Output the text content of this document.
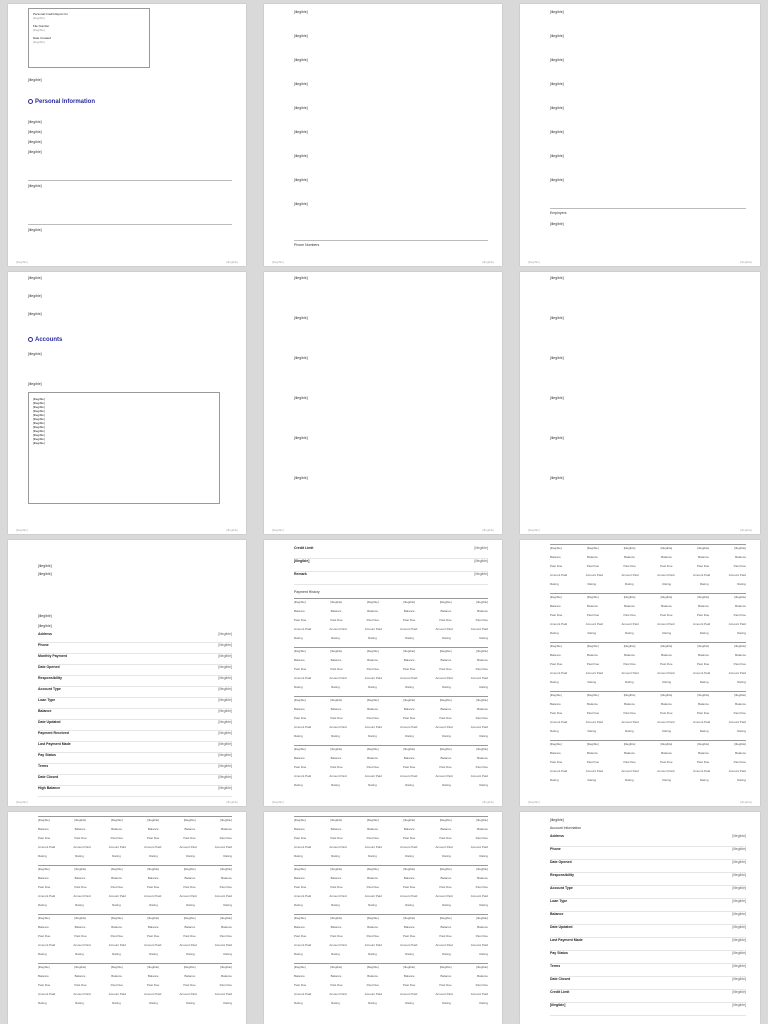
Personal Credit Report for
[illegible]
File Number
[illegible]
Date Created
[illegible]
[illegible]
Personal Information
[illegible]
[illegible]
[illegible]
[illegible]
[illegible]
[illegible]
[illegible]	[illegible]
[illegible]
[illegible]
[illegible]
[illegible]
[illegible]
[illegible]
[illegible]
[illegible]
[illegible]
Phone Numbers
[illegible]	[illegible]
[illegible]
[illegible]
[illegible]
[illegible]
[illegible]
[illegible]
[illegible]
[illegible]
Employers
[illegible]
[illegible]	[illegible]
[illegible]
[illegible]
[illegible]
Accounts
[illegible]
[illegible]
[illegible]
[illegible]
[illegible]
[illegible]
[illegible]
[illegible]
[illegible]
[illegible]
[illegible]
[illegible]
[illegible]
[illegible]
[illegible]	[illegible]
[illegible]
[illegible]
[illegible]
[illegible]
[illegible]
[illegible]
[illegible]	[illegible]
[illegible]
[illegible]
[illegible]
[illegible]
[illegible]
[illegible]
[illegible]	[illegible]
[illegible]
[illegible]
[illegible]
[illegible]
Address	[illegible]
Phone	[illegible]
Monthly Payment	[illegible]
Date Opened	[illegible]
Responsibility	[illegible]
Account Type	[illegible]
Loan Type	[illegible]
Balance	[illegible]
Date Updated	[illegible]
Payment Received	[illegible]
Last Payment Made	[illegible]
Pay Status	[illegible]
Terms	[illegible]
Date Closed	[illegible]
High Balance	[illegible]
[illegible]	[illegible]
Credit Limit	[illegible]
[illegible]	[illegible]
Remark	[illegible]
Payment History
[illegible]	[illegible]	[illegible]	[illegible]	[illegible]	[illegible]
Balance	Balance	Balance	Balance	Balance	Balance
Past Due	Past Due	Past Due	Past Due	Past Due	Past Due
Amount Paid	Amount Paid	Amount Paid	Amount Paid	Amount Paid	Amount Paid
Rating	Rating	Rating	Rating	Rating	Rating
[illegible]	[illegible]	[illegible]	[illegible]	[illegible]	[illegible]
Balance	Balance	Balance	Balance	Balance	Balance
Past Due	Past Due	Past Due	Past Due	Past Due	Past Due
Amount Paid	Amount Paid	Amount Paid	Amount Paid	Amount Paid	Amount Paid
Rating	Rating	Rating	Rating	Rating	Rating
[illegible]	[illegible]	[illegible]	[illegible]	[illegible]	[illegible]
Balance	Balance	Balance	Balance	Balance	Balance
Past Due	Past Due	Past Due	Past Due	Past Due	Past Due
Amount Paid	Amount Paid	Amount Paid	Amount Paid	Amount Paid	Amount Paid
Rating	Rating	Rating	Rating	Rating	Rating
[illegible]	[illegible]	[illegible]	[illegible]	[illegible]	[illegible]
Balance	Balance	Balance	Balance	Balance	Balance
Past Due	Past Due	Past Due	Past Due	Past Due	Past Due
Amount Paid	Amount Paid	Amount Paid	Amount Paid	Amount Paid	Amount Paid
Rating	Rating	Rating	Rating	Rating	Rating
[illegible]	[illegible]
[illegible]	[illegible]	[illegible]	[illegible]	[illegible]	[illegible]
Balance	Balance	Balance	Balance	Balance	Balance
Past Due	Past Due	Past Due	Past Due	Past Due	Past Due
Amount Paid	Amount Paid	Amount Paid	Amount Paid	Amount Paid	Amount Paid
Rating	Rating	Rating	Rating	Rating	Rating
[illegible]	[illegible]	[illegible]	[illegible]	[illegible]	[illegible]
Balance	Balance	Balance	Balance	Balance	Balance
Past Due	Past Due	Past Due	Past Due	Past Due	Past Due
Amount Paid	Amount Paid	Amount Paid	Amount Paid	Amount Paid	Amount Paid
Rating	Rating	Rating	Rating	Rating	Rating
[illegible]	[illegible]	[illegible]	[illegible]	[illegible]	[illegible]
Balance	Balance	Balance	Balance	Balance	Balance
Past Due	Past Due	Past Due	Past Due	Past Due	Past Due
Amount Paid	Amount Paid	Amount Paid	Amount Paid	Amount Paid	Amount Paid
Rating	Rating	Rating	Rating	Rating	Rating
[illegible]	[illegible]	[illegible]	[illegible]	[illegible]	[illegible]
Balance	Balance	Balance	Balance	Balance	Balance
Past Due	Past Due	Past Due	Past Due	Past Due	Past Due
Amount Paid	Amount Paid	Amount Paid	Amount Paid	Amount Paid	Amount Paid
Rating	Rating	Rating	Rating	Rating	Rating
[illegible]	[illegible]	[illegible]	[illegible]	[illegible]	[illegible]
Balance	Balance	Balance	Balance	Balance	Balance
Past Due	Past Due	Past Due	Past Due	Past Due	Past Due
Amount Paid	Amount Paid	Amount Paid	Amount Paid	Amount Paid	Amount Paid
Rating	Rating	Rating	Rating	Rating	Rating
[illegible]	[illegible]
[illegible]	[illegible]	[illegible]	[illegible]	[illegible]	[illegible]
Balance	Balance	Balance	Balance	Balance	Balance
Past Due	Past Due	Past Due	Past Due	Past Due	Past Due
Amount Paid	Amount Paid	Amount Paid	Amount Paid	Amount Paid	Amount Paid
Rating	Rating	Rating	Rating	Rating	Rating
[illegible]	[illegible]	[illegible]	[illegible]	[illegible]	[illegible]
Balance	Balance	Balance	Balance	Balance	Balance
Past Due	Past Due	Past Due	Past Due	Past Due	Past Due
Amount Paid	Amount Paid	Amount Paid	Amount Paid	Amount Paid	Amount Paid
Rating	Rating	Rating	Rating	Rating	Rating
[illegible]	[illegible]	[illegible]	[illegible]	[illegible]	[illegible]
Balance	Balance	Balance	Balance	Balance	Balance
Past Due	Past Due	Past Due	Past Due	Past Due	Past Due
Amount Paid	Amount Paid	Amount Paid	Amount Paid	Amount Paid	Amount Paid
Rating	Rating	Rating	Rating	Rating	Rating
[illegible]	[illegible]	[illegible]	[illegible]	[illegible]	[illegible]
Balance	Balance	Balance	Balance	Balance	Balance
Past Due	Past Due	Past Due	Past Due	Past Due	Past Due
Amount Paid	Amount Paid	Amount Paid	Amount Paid	Amount Paid	Amount Paid
Rating	Rating	Rating	Rating	Rating	Rating
[illegible]	[illegible]	[illegible]	[illegible]	[illegible]	[illegible]
Balance	Balance	Balance	Balance	Balance	Balance
Past Due	Past Due	Past Due	Past Due	Past Due	Past Due
Amount Paid	Amount Paid	Amount Paid	Amount Paid	Amount Paid	Amount Paid
Rating	Rating	Rating	Rating	Rating	Rating
[illegible]	[illegible]	[illegible]	[illegible]	[illegible]	[illegible]
Balance	Balance	Balance	Balance	Balance	Balance
Past Due	Past Due	Past Due	Past Due	Past Due	Past Due
Amount Paid	Amount Paid	Amount Paid	Amount Paid	Amount Paid	Amount Paid
Rating	Rating	Rating	Rating	Rating	Rating
[illegible]	[illegible]	[illegible]	[illegible]	[illegible]	[illegible]
Balance	Balance	Balance	Balance	Balance	Balance
Past Due	Past Due	Past Due	Past Due	Past Due	Past Due
Amount Paid	Amount Paid	Amount Paid	Amount Paid	Amount Paid	Amount Paid
Rating	Rating	Rating	Rating	Rating	Rating
[illegible]	[illegible]	[illegible]	[illegible]	[illegible]	[illegible]
Balance	Balance	Balance	Balance	Balance	Balance
Past Due	Past Due	Past Due	Past Due	Past Due	Past Due
Amount Paid	Amount Paid	Amount Paid	Amount Paid	Amount Paid	Amount Paid
Rating	Rating	Rating	Rating	Rating	Rating
[illegible]
Account Information
Address	[illegible]
Phone	[illegible]
Date Opened	[illegible]
Responsibility	[illegible]
Account Type	[illegible]
Loan Type	[illegible]
Balance	[illegible]
Date Updated	[illegible]
Last Payment Made	[illegible]
Pay Status	[illegible]
Terms	[illegible]
Date Closed	[illegible]
Credit Limit	[illegible]
[illegible]	[illegible]
